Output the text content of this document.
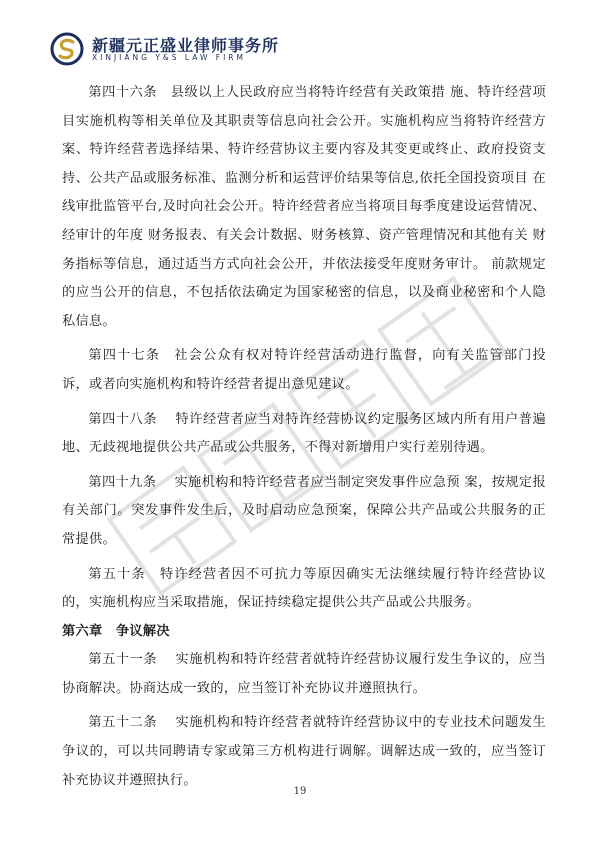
新疆元正盛业律师事务所
XINJIANG Y&S LAW FIRM

第四十六条　县级以上人民政府应当将特许经营有关政策措 施、特许经营项目实施机构等相关单位及其职责等信息向社会公开。实施机构应当将特许经营方案、特许经营者选择结果、特许经营协议主要内容及其变更或终止、政府投资支持、公共产品或服务标准、监测分析和运营评价结果等信息,依托全国投资项目 在线审批监管平台,及时向社会公开。特许经营者应当将项目每季度建设运营情况、经审计的年度 财务报表、有关会计数据、财务核算、资产管理情况和其他有关 财务指标等信息，通过适当方式向社会公开，并依法接受年度财务审计。 前款规定的应当公开的信息，不包括依法确定为国家秘密的信息，以及商业秘密和个人隐私信息。

第四十七条　社会公众有权对特许经营活动进行监督，向有关监管部门投诉，或者向实施机构和特许经营者提出意见建议。

第四十八条　 特许经营者应当对特许经营协议约定服务区域内所有用户普遍地、无歧视地提供公共产品或公共服务，不得对新增用户实行差别待遇。

第四十九条　 实施机构和特许经营者应当制定突发事件应急预 案，按规定报有关部门。突发事件发生后，及时启动应急预案，保障公共产品或公共服务的正常提供。

第五十条　特许经营者因不可抗力等原因确实无法继续履行特许经营协议的，实施机构应当采取措施，保证持续稳定提供公共产品或公共服务。

第六章　争议解决

第五十一条　 实施机构和特许经营者就特许经营协议履行发生争议的，应当协商解决。协商达成一致的，应当签订补充协议并遵照执行。

第五十二条　 实施机构和特许经营者就特许经营协议中的专业技术问题发生争议的，可以共同聘请专家或第三方机构进行调解。调解达成一致的，应当签订补充协议并遵照执行。

19
